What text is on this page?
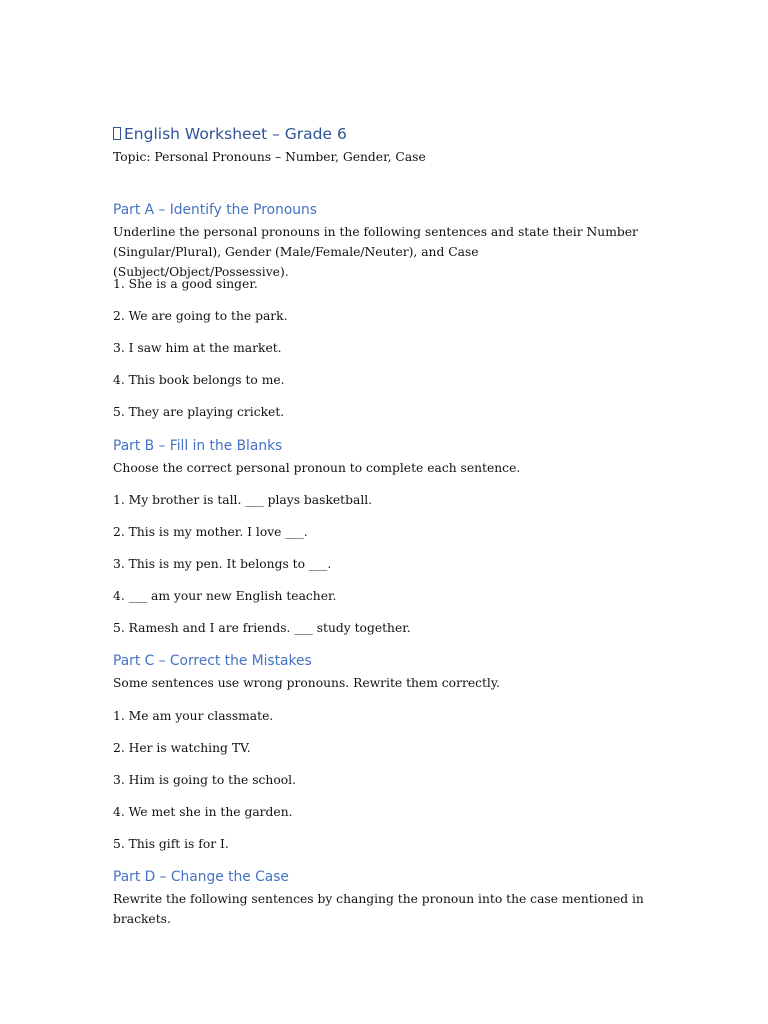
English Worksheet – Grade 6
Topic: Personal Pronouns – Number, Gender, Case
Part A – Identify the Pronouns
Underline the personal pronouns in the following sentences and state their Number (Singular/Plural), Gender (Male/Female/Neuter), and Case (Subject/Object/Possessive).
1. She is a good singer.
2. We are going to the park.
3. I saw him at the market.
4. This book belongs to me.
5. They are playing cricket.
Part B – Fill in the Blanks
Choose the correct personal pronoun to complete each sentence.
1. My brother is tall. ___ plays basketball.
2. This is my mother. I love ___.
3. This is my pen. It belongs to ___.
4. ___ am your new English teacher.
5. Ramesh and I are friends. ___ study together.
Part C – Correct the Mistakes
Some sentences use wrong pronouns. Rewrite them correctly.
1. Me am your classmate.
2. Her is watching TV.
3. Him is going to the school.
4. We met she in the garden.
5. This gift is for I.
Part D – Change the Case
Rewrite the following sentences by changing the pronoun into the case mentioned in brackets.
